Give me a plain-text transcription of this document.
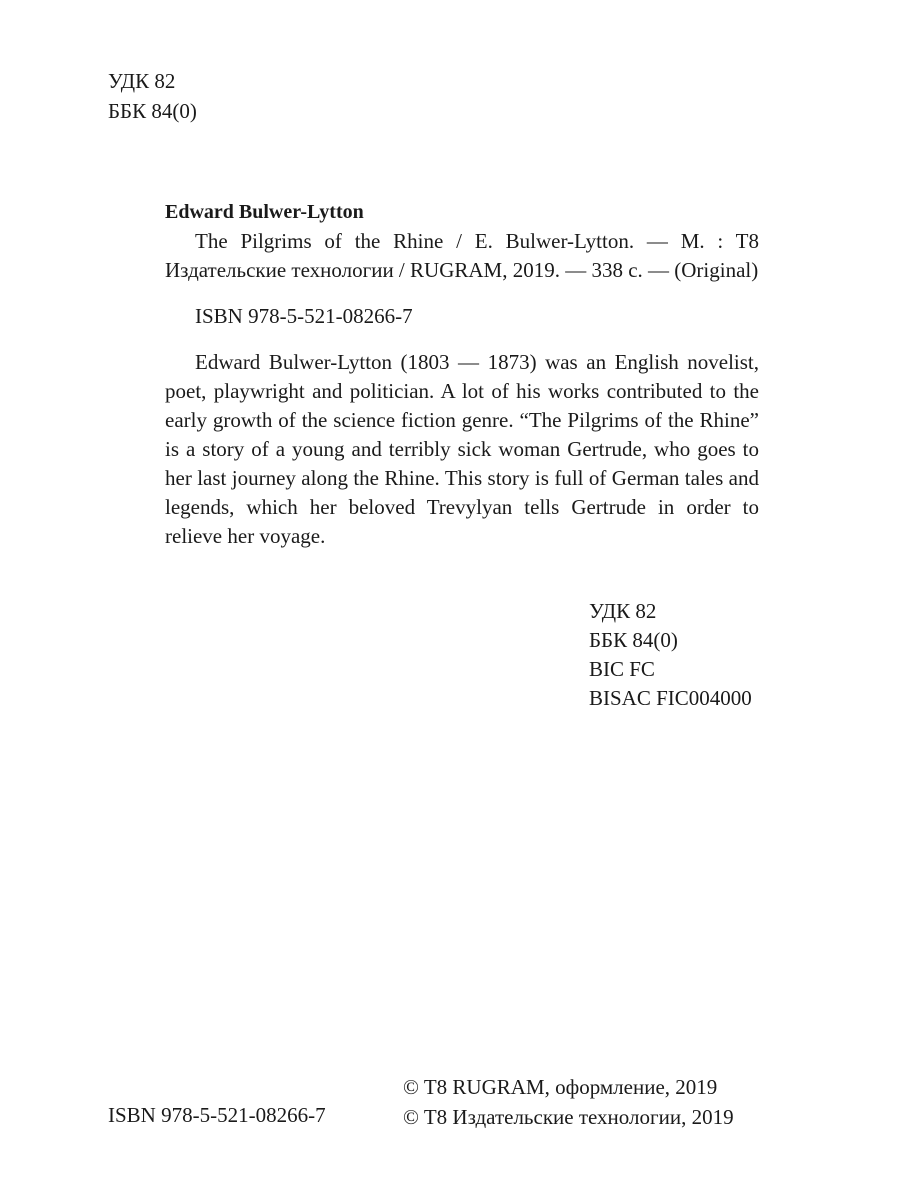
УДК 82
ББК 84(0)
Edward Bulwer-Lytton

The Pilgrims of the Rhine / E. Bulwer-Lytton. — M. : T8 Издательские технологии / RUGRAM, 2019. — 338 с. — (Original)

ISBN 978-5-521-08266-7

Edward Bulwer-Lytton (1803 — 1873) was an English novelist, poet, playwright and politician. A lot of his works contributed to the early growth of the science fiction genre. “The Pilgrims of the Rhine” is a story of a young and terribly sick woman Gertrude, who goes to her last journey along the Rhine. This story is full of German tales and legends, which her beloved Trevylyan tells Gertrude in order to relieve her voyage.

УДК 82
ББК 84(0)
BIC FC
BISAC FIC004000
ISBN 978-5-521-08266-7
© T8 RUGRAM, оформление, 2019
© T8 Издательские технологии, 2019
